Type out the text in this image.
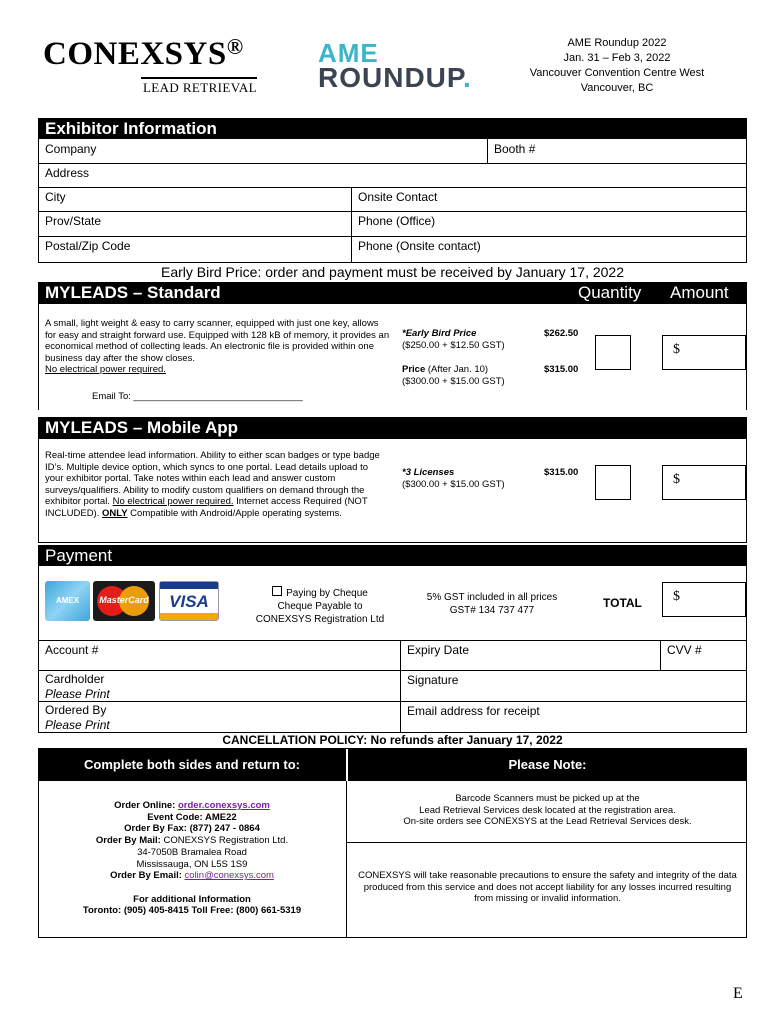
CONEXSYS®
LEAD RETRIEVAL
AME
ROUNDUP.
AME Roundup 2022
Jan. 31 – Feb 3, 2022
Vancouver Convention Centre West
Vancouver, BC
Exhibitor Information
Company	Booth #
Address
City	Onsite Contact
Prov/State	Phone (Office)
Postal/Zip Code	Phone (Onsite contact)
Early Bird Price: order and payment must be received by January 17, 2022
MYLEADS – Standard	Quantity Amount
A small, light weight & easy to carry scanner, equipped with just one key, allows for easy and straight forward use. Equipped with 128 kB of memory, it provides an economical method of collecting leads. An electronic file is provided within one business day after the show closes.
No electrical power required.
*Early Bird Price
($250.00 + $12.50 GST)
$262.50
Price (After Jan. 10)
($300.00 + $15.00 GST)
$315.00
$
Email To: ________________________________
MYLEADS – Mobile App
Real-time attendee lead information. Ability to either scan badges or type badge ID’s. Multiple device option, which syncs to one portal. Lead details upload to your exhibitor portal. Take notes within each lead and answer custom surveys/qualifiers. Ability to modify custom qualifiers on demand through the exhibitor portal. No electrical power required. Internet access Required (NOT INCLUDED). ONLY Compatible with Android/Apple operating systems.
*3 Licenses
($300.00 + $15.00 GST)
$315.00	$
Payment
AMEX	MasterCard	VISA	Paying by Cheque
Cheque Payable to
CONEXSYS Registration Ltd
5% GST included in all prices
GST# 134 737 477
TOTAL	$
Account #	Expiry Date	CVV #
Cardholder
Please Print
Signature
Ordered By
Please Print
Email address for receipt
CANCELLATION POLICY: No refunds after January 17, 2022
Complete both sides and return to:	Please Note:
Order Online: order.conexsys.com
Event Code: AME22
Order By Fax: (877) 247 - 0864
Order By Mail: CONEXSYS Registration Ltd.
34-7050B Bramalea Road
Mississauga, ON L5S 1S9
Order By Email: colin@conexsys.com

For additional Information
Toronto: (905) 405-8415 Toll Free: (800) 661-5319
Barcode Scanners must be picked up at the
Lead Retrieval Services desk located at the registration area.
On-site orders see CONEXSYS at the Lead Retrieval Services desk.
CONEXSYS will take reasonable precautions to ensure the safety and integrity of the data produced from this service and does not accept liability for any losses incurred resulting from missing or invalid information.
E
